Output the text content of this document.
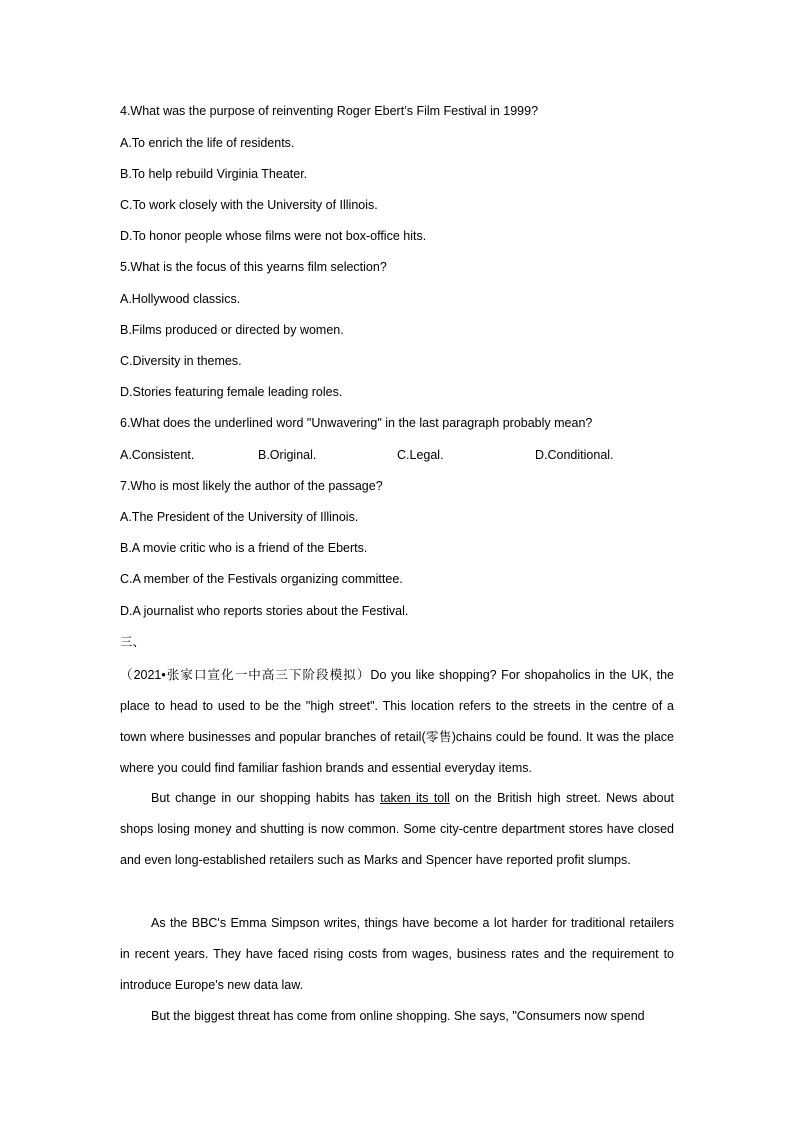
4.What was the purpose of reinventing Roger Ebert’s Film Festival in 1999?
A.To enrich the life of residents.
B.To help rebuild Virginia Theater.
C.To work closely with the University of Illinois.
D.To honor people whose films were not box-office hits.
5.What is the focus of this yearns film selection?
A.Hollywood classics.
B.Films produced or directed by women.
C.Diversity in themes.
D.Stories featuring female leading roles.
6.What does the underlined word "Unwavering" in the last paragraph probably mean?
A.Consistent.	B.Original.	C.Legal.	D.Conditional.
7.Who is most likely the author of the passage?
A.The President of the University of Illinois.
B.A movie critic who is a friend of the Eberts.
C.A member of the Festivals organizing committee.
D.A journalist who reports stories about the Festival.
三、
（2021•张家口宣化一中高三下阶段模拟）Do you like shopping? For shopaholics in the UK, the place to head to used to be the "high street". This location refers to the streets in the centre of a town where businesses and popular branches of retail(零售)chains could be found. It was the place where you could find familiar fashion brands and essential everyday items.
But change in our shopping habits has taken its toll on the British high street. News about shops losing money and shutting is now common. Some city-centre department stores have closed and even long-established retailers such as Marks and Spencer have reported profit slumps.
As the BBC's Emma Simpson writes, things have become a lot harder for traditional retailers in recent years. They have faced rising costs from wages, business rates and the requirement to introduce Europe's new data law.
But the biggest threat has come from online shopping. She says, "Consumers now spend
